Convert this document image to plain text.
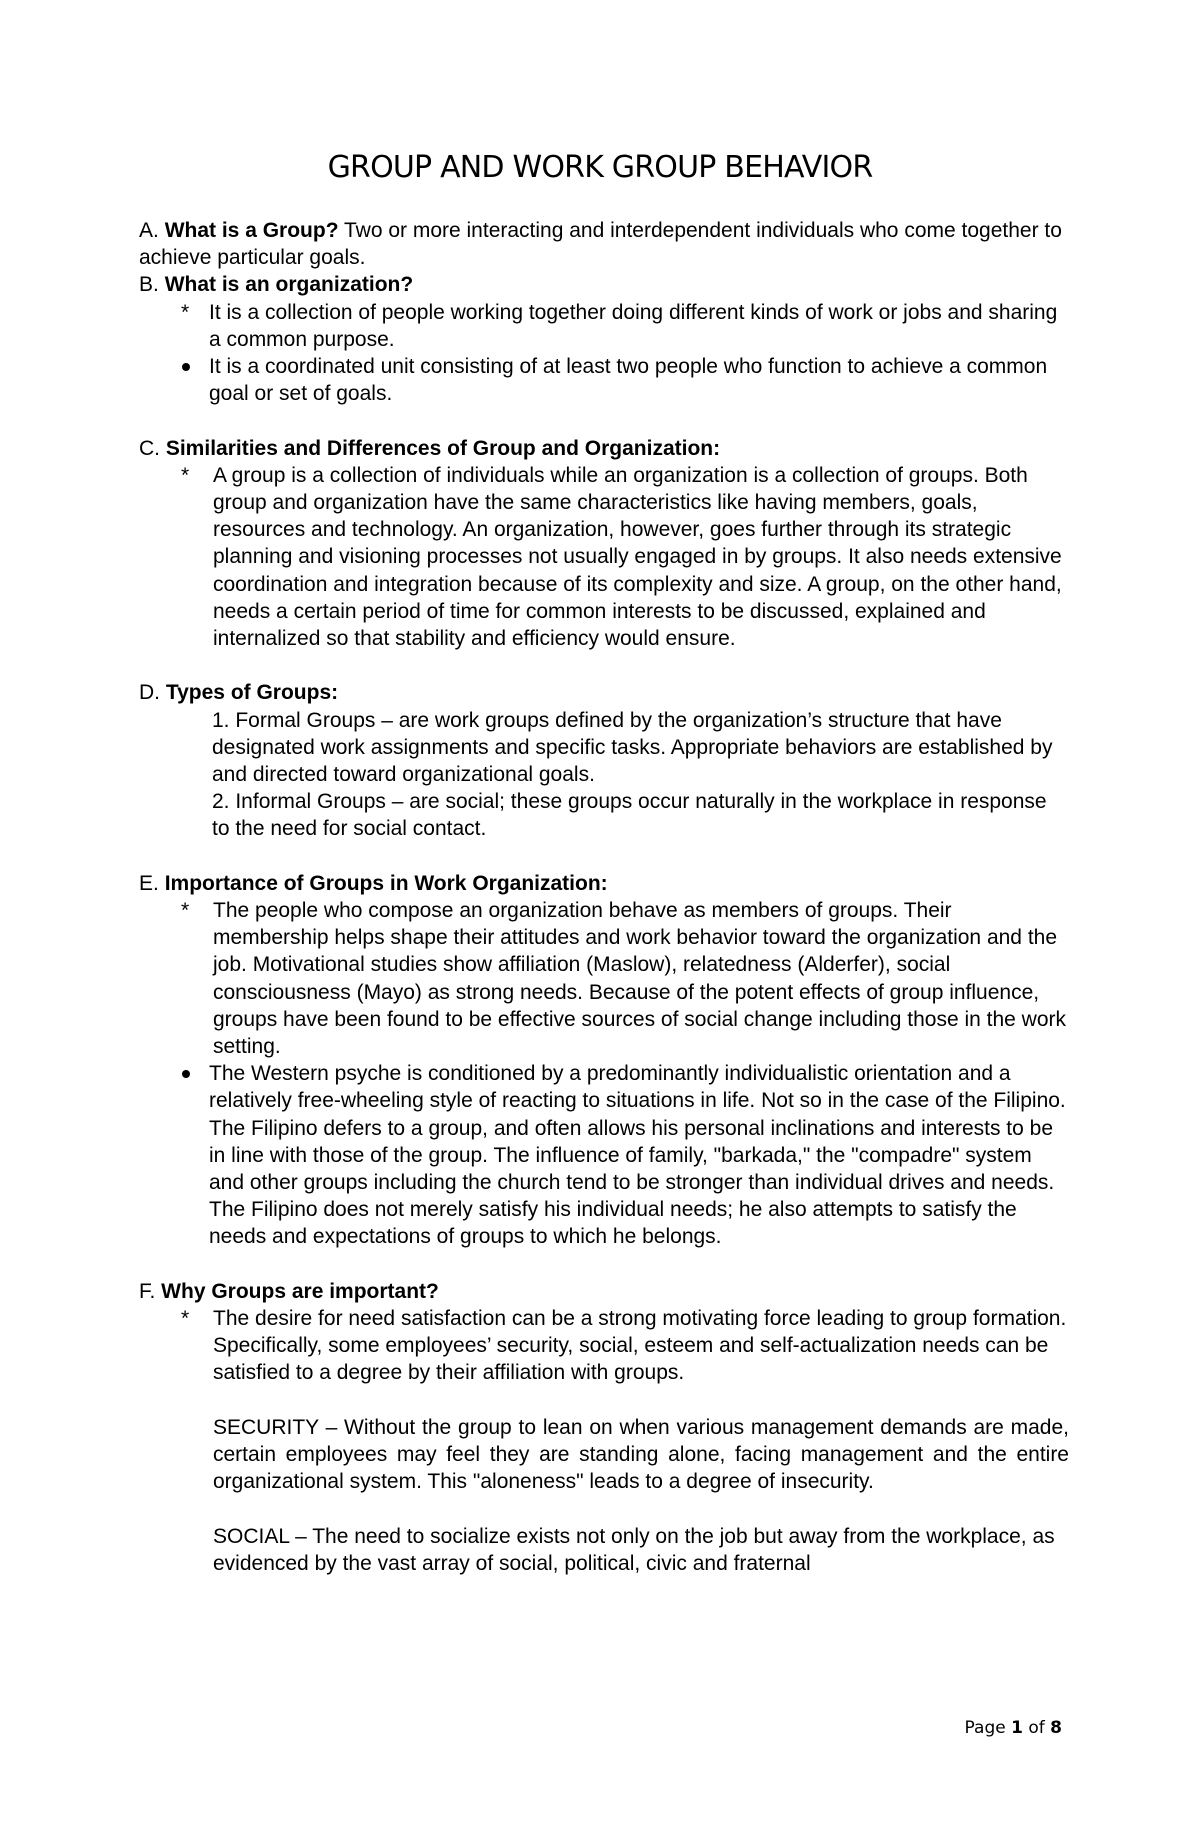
GROUP AND WORK GROUP BEHAVIOR

A. What is a Group? Two or more interacting and interdependent individuals who come together to achieve particular goals.

B. What is an organization?

* It is a collection of people working together doing different kinds of work or jobs and sharing a common purpose.
It is a coordinated unit consisting of at least two people who function to achieve a common goal or set of goals.

C. Similarities and Differences of Group and Organization:

* A group is a collection of individuals while an organization is a collection of groups. Both group and organization have the same characteristics like having members, goals, resources and technology. An organization, however, goes further through its strategic planning and visioning processes not usually engaged in by groups. It also needs extensive coordination and integration because of its complexity and size. A group, on the other hand, needs a certain period of time for common interests to be discussed, explained and internalized so that stability and efficiency would ensure.

D. Types of Groups:

1. Formal Groups – are work groups defined by the organization’s structure that have designated work assignments and specific tasks. Appropriate behaviors are established by and directed toward organizational goals.

2. Informal Groups – are social; these groups occur naturally in the workplace in response to the need for social contact.

E. Importance of Groups in Work Organization:

* The people who compose an organization behave as members of groups. Their membership helps shape their attitudes and work behavior toward the organization and the job. Motivational studies show affiliation (Maslow), relatedness (Alderfer), social consciousness (Mayo) as strong needs. Because of the potent effects of group influence, groups have been found to be effective sources of social change including those in the work setting.
The Western psyche is conditioned by a predominantly individualistic orientation and a relatively free-wheeling style of reacting to situations in life. Not so in the case of the Filipino. The Filipino defers to a group, and often allows his personal inclinations and interests to be in line with those of the group. The influence of family, "barkada," the "compadre" system and other groups including the church tend to be stronger than individual drives and needs. The Filipino does not merely satisfy his individual needs; he also attempts to satisfy the needs and expectations of groups to which he belongs.

F. Why Groups are important?

* The desire for need satisfaction can be a strong motivating force leading to group formation. Specifically, some employees’ security, social, esteem and self-actualization needs can be satisfied to a degree by their affiliation with groups.

SECURITY – Without the group to lean on when various management demands are made, certain employees may feel they are standing alone, facing management and the entire organizational system. This "aloneness" leads to a degree of insecurity.

SOCIAL – The need to socialize exists not only on the job but away from the workplace, as evidenced by the vast array of social, political, civic and fraternal

Page 1 of 8
